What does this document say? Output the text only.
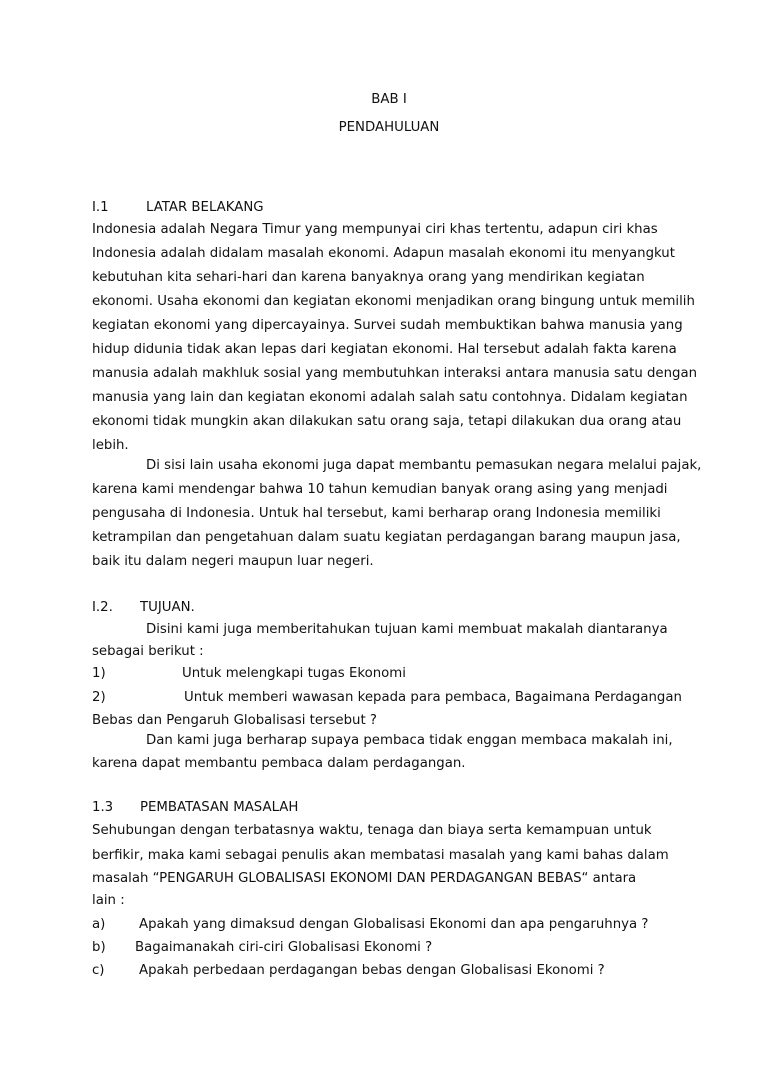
BAB I
PENDAHULUAN
I.1	LATAR BELAKANG
Indonesia adalah Negara Timur yang mempunyai ciri khas tertentu, adapun ciri khas
Indonesia adalah didalam masalah ekonomi. Adapun masalah ekonomi itu menyangkut
kebutuhan kita sehari-hari dan karena banyaknya orang yang mendirikan kegiatan
ekonomi. Usaha ekonomi dan kegiatan ekonomi menjadikan orang bingung untuk memilih
kegiatan ekonomi yang dipercayainya. Survei sudah membuktikan bahwa manusia yang
hidup didunia tidak akan lepas dari kegiatan ekonomi. Hal tersebut adalah fakta karena
manusia adalah makhluk sosial yang membutuhkan interaksi antara manusia satu dengan
manusia yang lain dan kegiatan ekonomi adalah salah satu contohnya. Didalam kegiatan
ekonomi tidak mungkin akan dilakukan satu orang saja, tetapi dilakukan dua orang atau
lebih.
Di sisi lain usaha ekonomi juga dapat membantu pemasukan negara melalui pajak,
karena kami mendengar bahwa 10 tahun kemudian banyak orang asing yang menjadi
pengusaha di Indonesia. Untuk hal tersebut, kami berharap orang Indonesia memiliki
ketrampilan dan pengetahuan dalam suatu kegiatan perdagangan barang maupun jasa,
baik itu dalam negeri maupun luar negeri.
I.2. TUJUAN.
Disini kami juga memberitahukan tujuan kami membuat makalah diantaranya
sebagai berikut :
1)	Untuk melengkapi tugas Ekonomi
2)	Untuk memberi wawasan kepada para pembaca, Bagaimana Perdagangan
Bebas dan Pengaruh Globalisasi tersebut ?
Dan kami juga berharap supaya pembaca tidak enggan membaca makalah ini,
karena dapat membantu pembaca dalam perdagangan.
1.3 PEMBATASAN MASALAH
Sehubungan dengan terbatasnya waktu, tenaga dan biaya serta kemampuan untuk
berfikir, maka kami sebagai penulis akan membatasi masalah yang kami bahas dalam
masalah “PENGARUH GLOBALISASI EKONOMI DAN PERDAGANGAN BEBAS“ antara
lain :
a)	Apakah yang dimaksud dengan Globalisasi Ekonomi dan apa pengaruhnya ?
b) Bagaimanakah ciri-ciri Globalisasi Ekonomi ?
c)	Apakah perbedaan perdagangan bebas dengan Globalisasi Ekonomi ?
